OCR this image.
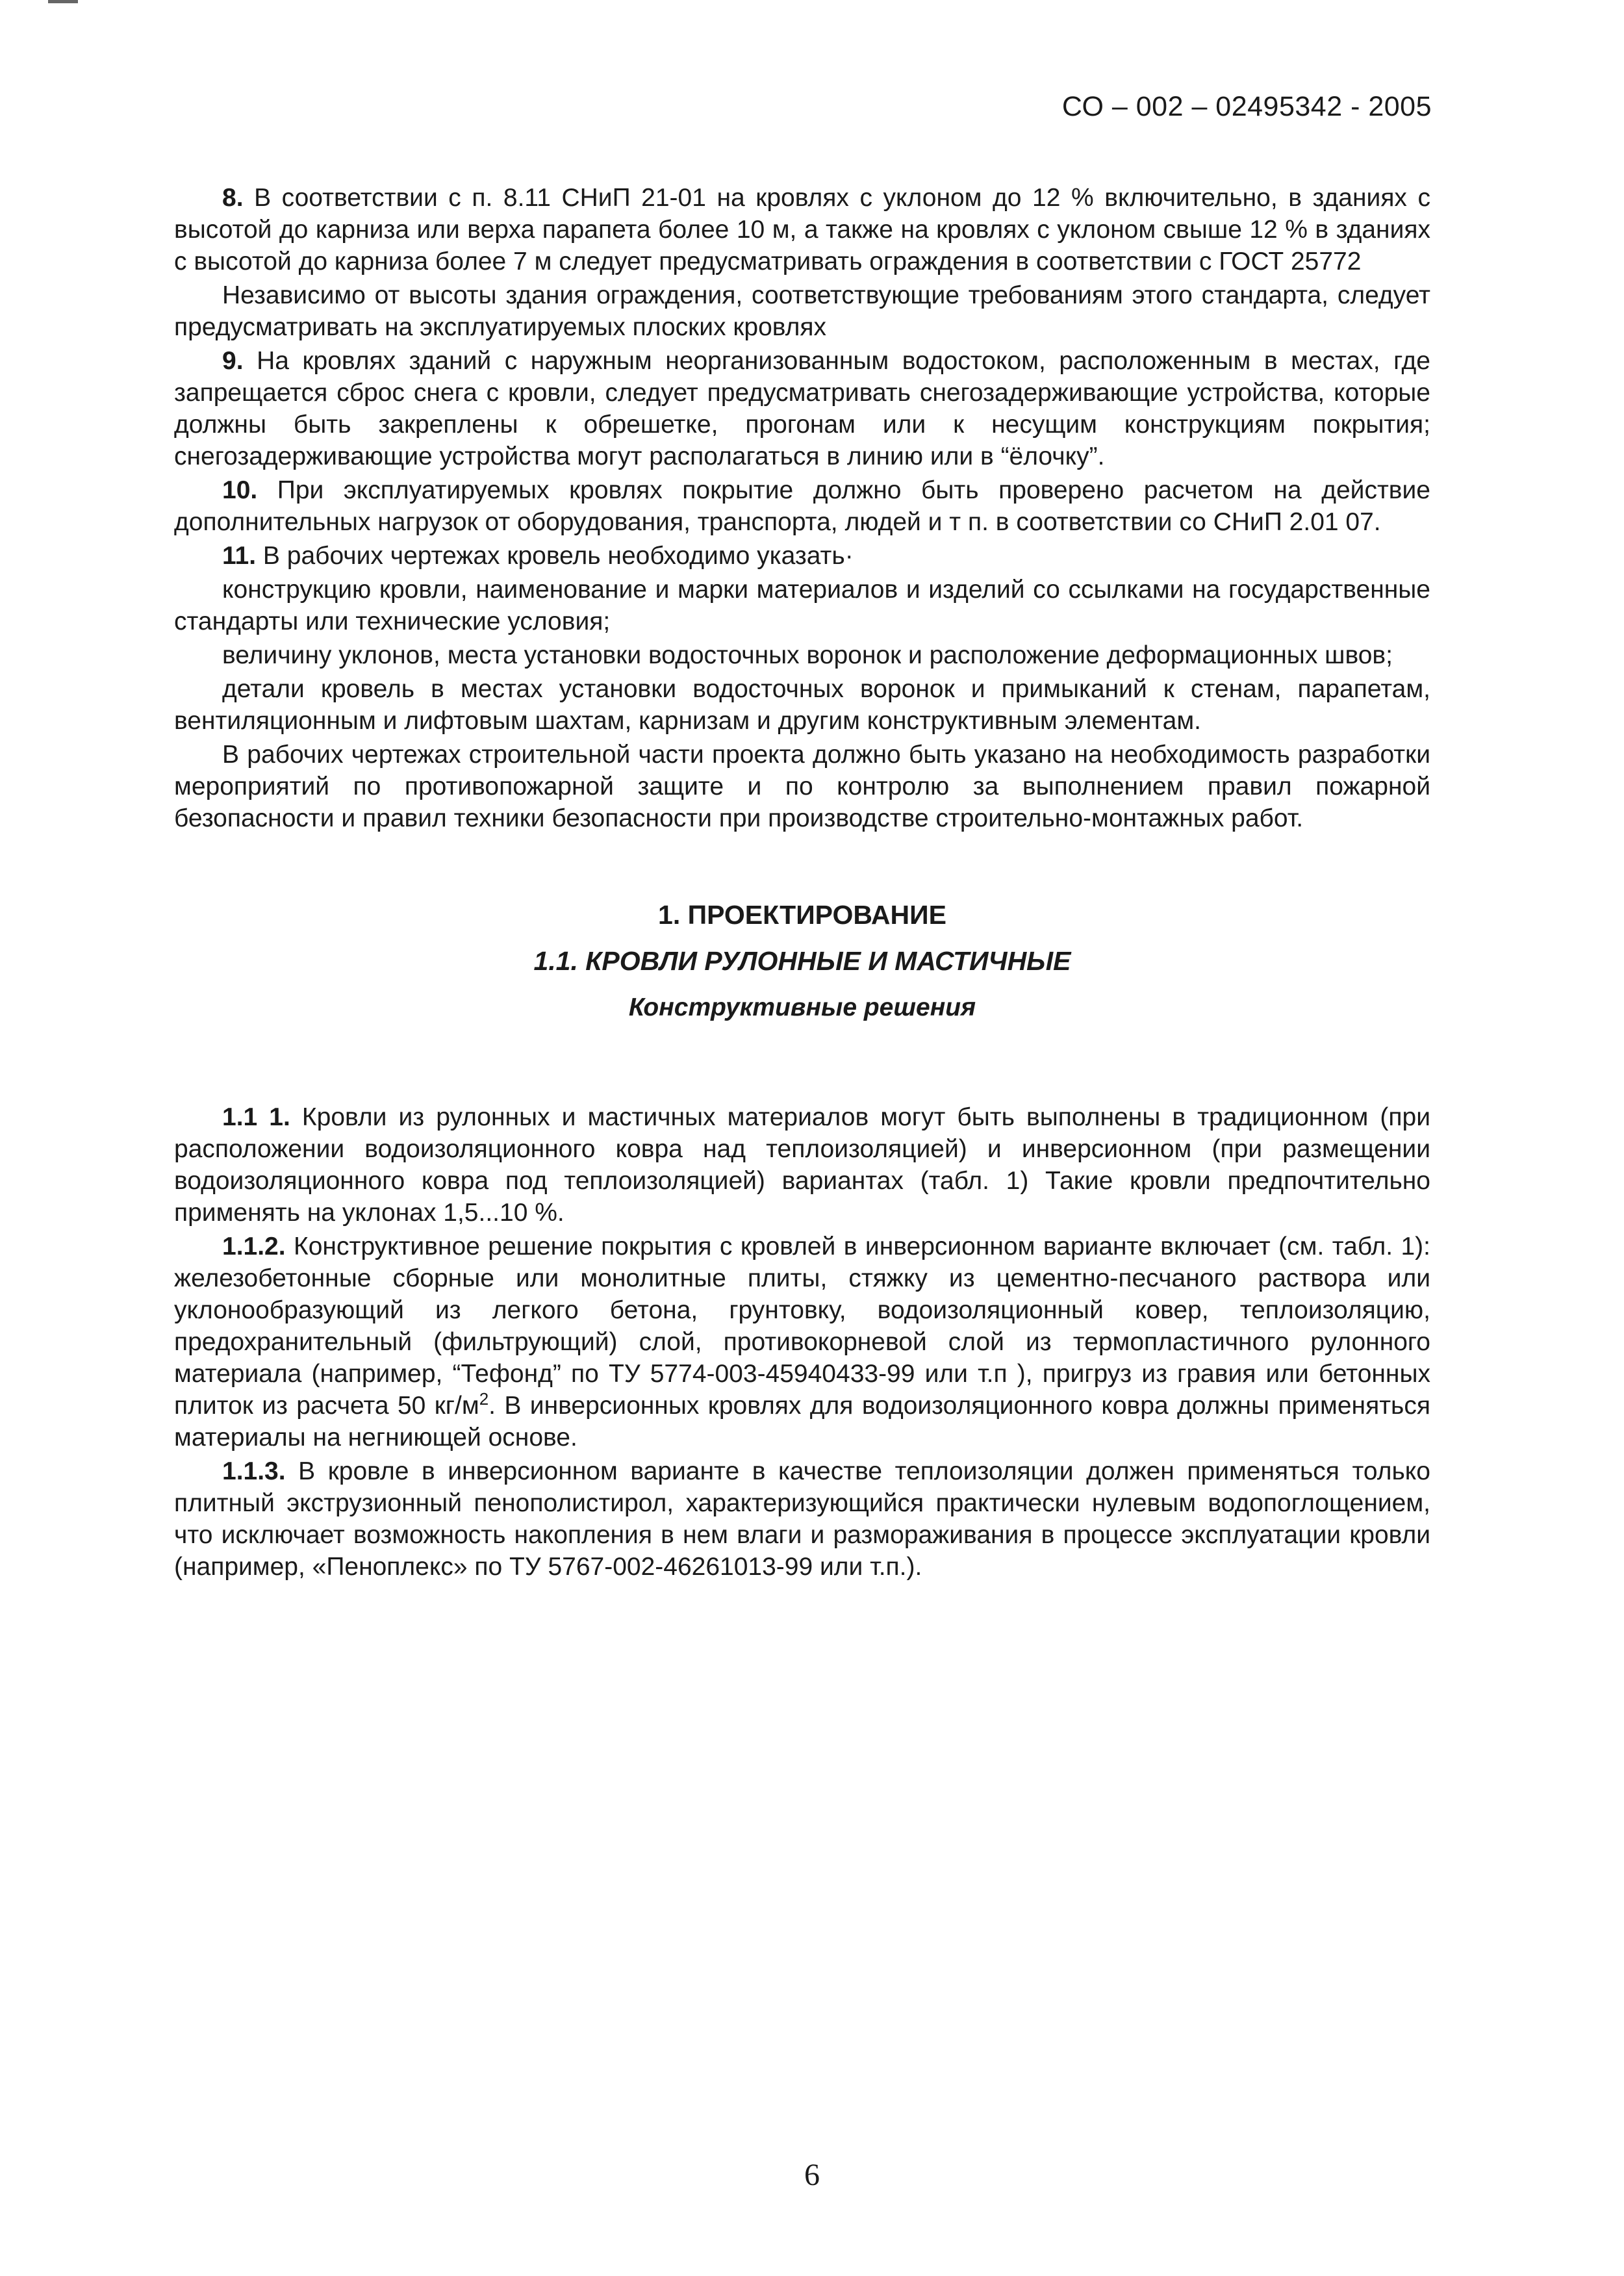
СО – 002 – 02495342 - 2005

8. В соответствии с п. 8.11 СНиП 21-01 на кровлях с уклоном до 12 % включительно, в зданиях с высотой до карниза или верха парапета более 10 м, а также на кровлях с уклоном свыше 12 % в зданиях с высотой до карниза более 7 м следует предусматривать ограждения в соответствии с ГОСТ 25772

Независимо от высоты здания ограждения, соответствующие требованиям этого стандарта, следует предусматривать на эксплуатируемых плоских кровлях

9. На кровлях зданий с наружным неорганизованным водостоком, расположенным в местах, где запрещается сброс снега с кровли, следует предусматривать снегозадерживающие устройства, которые должны быть закреплены к обрешетке, прогонам или к несущим конструкциям покрытия; снегозадерживающие устройства могут располагаться в линию или в “ёлочку”.

10. При эксплуатируемых кровлях покрытие должно быть проверено расчетом на действие дополнительных нагрузок от оборудования, транспорта, людей и т п. в соответствии со СНиП 2.01 07.

11. В рабочих чертежах кровель необходимо указать·

конструкцию кровли, наименование и марки материалов и изделий со ссылками на государственные стандарты или технические условия;

величину уклонов, места установки водосточных воронок и расположение деформационных швов;

детали кровель в местах установки водосточных воронок и примыканий к стенам, парапетам, вентиляционным и лифтовым шахтам, карнизам и другим конструктивным элементам.

В рабочих чертежах строительной части проекта должно быть указано на необходимость разработки мероприятий по противопожарной защите и по контролю за выполнением правил пожарной безопасности и правил техники безопасности при производстве строительно-монтажных работ.

1. ПРОЕКТИРОВАНИЕ

1.1. КРОВЛИ РУЛОННЫЕ И МАСТИЧНЫЕ

Конструктивные решения

1.1 1. Кровли из рулонных и мастичных материалов могут быть выполнены в традиционном (при расположении водоизоляционного ковра над теплоизоляцией) и инверсионном (при размещении водоизоляционного ковра под теплоизоляцией) вариантах (табл. 1) Такие кровли предпочтительно применять на уклонах 1,5...10 %.

1.1.2. Конструктивное решение покрытия с кровлей в инверсионном варианте включает (см. табл. 1): железобетонные сборные или монолитные плиты, стяжку из цементно-песчаного раствора или уклонообразующий из легкого бетона, грунтовку, водоизоляционный ковер, теплоизоляцию, предохранительный (фильтрующий) слой, противокорневой слой из термопластичного рулонного материала (например, “Тефонд” по ТУ 5774-003-45940433-99 или т.п ), пригруз из гравия или бетонных плиток из расчета 50 $кг/м^2$. В инверсионных кровлях для водоизоляционного ковра должны применяться материалы на негниющей основе.

1.1.3. В кровле в инверсионном варианте в качестве теплоизоляции должен применяться только плитный экструзионный пенополистирол, характеризующийся практически нулевым водопоглощением, что исключает возможность накопления в нем влаги и размораживания в процессе эксплуатации кровли (например, «Пеноплекс» по ТУ 5767-002-46261013-99 или т.п.).

6
